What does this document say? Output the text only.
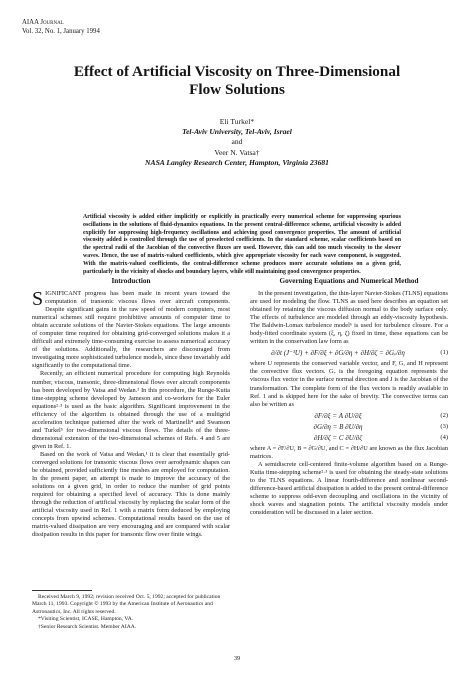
AIAA Journal
Vol. 32, No. 1, January 1994
Effect of Artificial Viscosity on Three-Dimensional
Flow Solutions
Eli Turkel*
Tel-Aviv University, Tel-Aviv, Israel
and
Veer N. Vatsa†
NASA Langley Research Center, Hampton, Virginia 23681
Artificial viscosity is added either implicitly or explicitly in practically every numerical scheme for suppressing spurious oscillations in the solutions of fluid-dynamics equations. In the present central-difference scheme, artificial viscosity is added explicitly for suppressing high-frequency oscillations and achieving good convergence properties. The amount of artificial viscosity added is controlled through the use of preselected coefficients. In the standard scheme, scalar coefficients based on the spectral radii of the Jacobian of the convective fluxes are used. However, this can add too much viscosity to the slower waves. Hence, the use of matrix-valued coefficients, which give appropriate viscosity for each wave component, is suggested. With the matrix-valued coefficients, the central-difference scheme produces more accurate solutions on a given grid, particularly in the vicinity of shocks and boundary layers, while still maintaining good convergence properties.
Introduction

SIGNIFICANT progress has been made in recent years toward the computation of transonic viscous flows over aircraft components. Despite significant gains in the raw speed of modern computers, most numerical schemes still require prohibitive amounts of computer time to obtain accurate solutions of the Navier-Stokes equations. The large amounts of computer time required for obtaining grid-converged solutions makes it a difficult and extremely time-consuming exercise to assess numerical accuracy of the solutions. Additionally, the researchers are discouraged from investigating more sophisticated turbulence models, since these invariably add significantly to the computational time.

Recently, an efficient numerical procedure for computing high Reynolds number, viscous, transonic, three-dimensional flows over aircraft components has been developed by Vatsa and Wedan.¹ In this procedure, the Runge-Kutta time-stepping scheme developed by Jameson and co-workers for the Euler equations²·³ is used as the basic algorithm. Significant improvement in the efficiency of the algorithm is obtained through the use of a multigrid acceleration technique patterned after the work of Martinelli⁴ and Swanson and Turkel⁵ for two-dimensional viscous flows. The details of the three-dimensional extension of the two-dimensional schemes of Refs. 4 and 5 are given in Ref. 1.

Based on the work of Vatsa and Wedan,¹ it is clear that essentially grid-converged solutions for transonic viscous flows over aerodynamic shapes can be obtained, provided sufficiently fine meshes are employed for computation. In the present paper, an attempt is made to improve the accuracy of the solutions on a given grid, in order to reduce the number of grid points required for obtaining a specified level of accuracy. This is done mainly through the reduction of artificial viscosity by replacing the scalar form of the artificial viscosity used in Ref. 1 with a matrix form deduced by employing concepts from upwind schemes. Computational results based on the use of matrix-valued dissipation are very encouraging and are compared with scalar dissipation results in this paper for transonic flow over finite wings.

Governing Equations and Numerical Method

In the present investigation, the thin-layer Navier-Stokes (TLNS) equations are used for modeling the flow. TLNS as used here describes an equation set obtained by retaining the viscous diffusion normal to the body surface only. The effects of turbulence are modeled through an eddy-viscosity hypothesis. The Baldwin-Lomax turbulence model⁶ is used for turbulence closure. For a body-fitted coordinate system (ξ, η, ζ) fixed in time, these equations can be written in the conservation law form as

∂/∂t (J⁻¹U) + ∂F/∂ξ + ∂G/∂η + ∂H/∂ζ = ∂Gᵥ/∂η	(1)

where U represents the conserved variable vector, and F, G, and H represent the convective flux vectors. Gᵥ is the foregoing equation represents the viscous flux vector in the surface normal direction and J is the Jacobian of the transformation. The complete form of the flux vectors is readily available in Ref. 1 and is skipped here for the sake of brevity. The convective terms can also be written as

∂F/∂ξ = A ∂U/∂ξ	(2)
∂G/∂η = B ∂U/∂η	(3)
∂H/∂ζ = C ∂U/∂ζ	(4)

where A = ∂F/∂U, B = ∂G/∂U, and C = ∂H/∂U are known as the flux Jacobian matrices.

A semidiscrete cell-centered finite-volume algorithm based on a Runge-Kutta time-stepping scheme²·³ is used for obtaining the steady-state solutions to the TLNS equations. A linear fourth-difference and nonlinear second-difference-based artificial dissipation is added to the present central-difference scheme to suppress odd-even decoupling and oscillations in the vicinity of shock waves and stagnation points. The artificial viscosity models under consideration will be discussed in a later section.

Received March 9, 1992; revision received Oct. 5, 1992; accepted for publication March 11, 1993. Copyright © 1993 by the American Institute of Aeronautics and Astronautics, Inc. All rights reserved.
*Visiting Scientist, ICASE, Hampton, VA.
†Senior Research Scientist. Member AIAA.
39
